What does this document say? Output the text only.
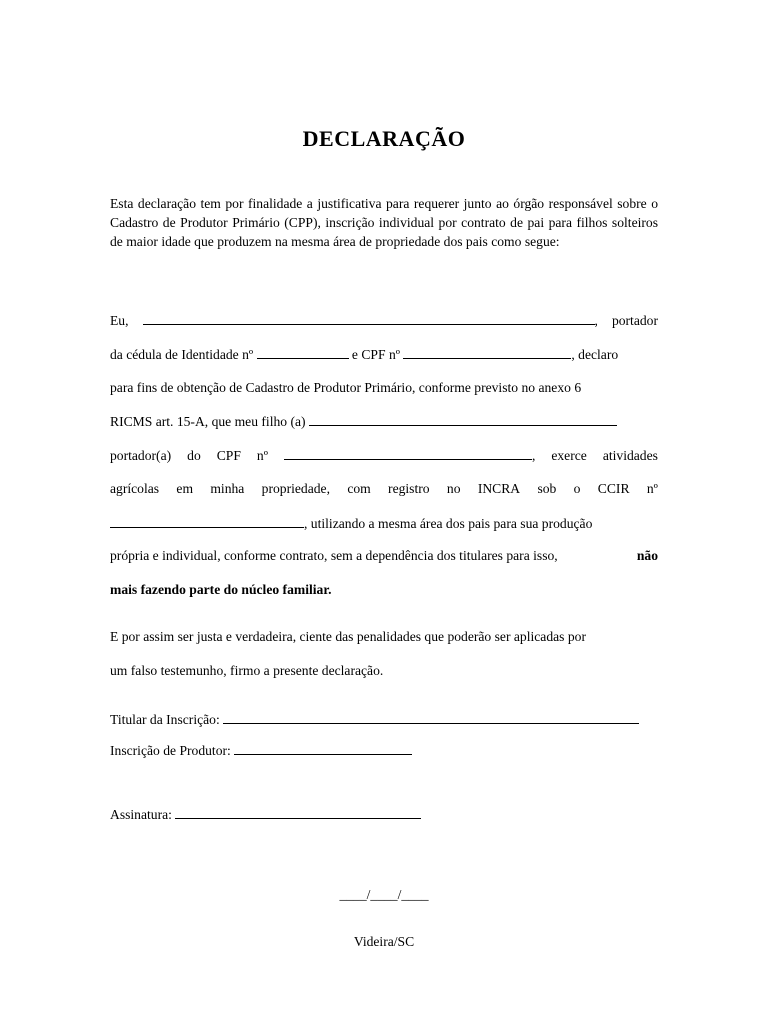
DECLARAÇÃO
Esta declaração tem por finalidade a justificativa para requerer junto ao órgão responsável sobre o Cadastro de Produtor Primário (CPP), inscrição individual por contrato de pai para filhos solteiros de maior idade que produzem na mesma área de propriedade dos pais como segue:
Eu,	, portador
da cédula de Identidade nº	e CPF nº	, declaro
para fins de obtenção de Cadastro de Produtor Primário, conforme previsto no anexo 6
RICMS art. 15-A, que meu filho (a)
portador(a) do CPF nº	, exerce atividades
agrícolas em minha propriedade, com registro no INCRA sob o CCIR nº
, utilizando a mesma área dos pais para sua produção
própria e individual, conforme contrato, sem a dependência dos titulares para isso,	não
mais fazendo parte do núcleo familiar.
E por assim ser justa e verdadeira, ciente das penalidades que poderão ser aplicadas por
um falso testemunho, firmo a presente declaração.
Titular da Inscrição:
Inscrição de Produtor:
Assinatura:
____/____/____
Videira/SC
